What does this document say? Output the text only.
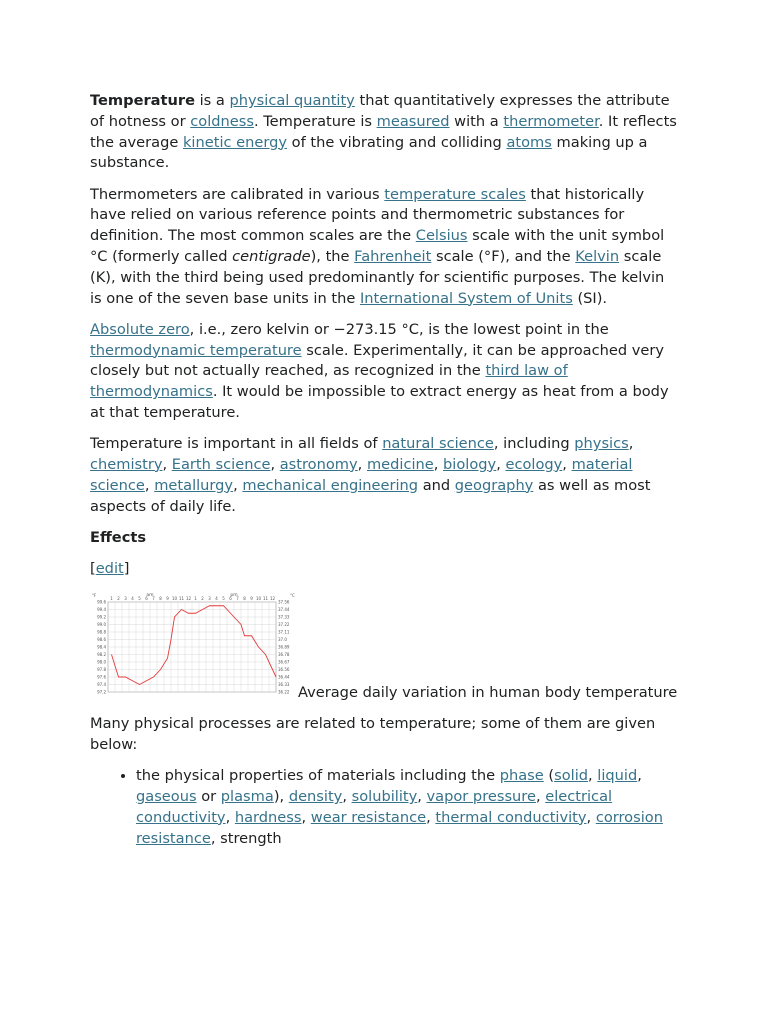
Temperature is a physical quantity that quantitatively expresses the attribute of hotness or coldness. Temperature is measured with a thermometer. It reflects the average kinetic energy of the vibrating and colliding atoms making up a substance.

Thermometers are calibrated in various temperature scales that historically have relied on various reference points and thermometric substances for definition. The most common scales are the Celsius scale with the unit symbol °C (formerly called centigrade), the Fahrenheit scale (°F), and the Kelvin scale (K), with the third being used predominantly for scientific purposes. The kelvin is one of the seven base units in the International System of Units (SI).

Absolute zero, i.e., zero kelvin or −273.15 °C, is the lowest point in the thermodynamic temperature scale. Experimentally, it can be approached very closely but not actually reached, as recognized in the third law of thermodynamics. It would be impossible to extract energy as heat from a body at that temperature.

Temperature is important in all fields of natural science, including physics, chemistry, Earth science, astronomy, medicine, biology, ecology, material science, metallurgy, mechanical engineering and geography as well as most aspects of daily life.

Effects

[edit]

1 2 3 4 5 6 7 8 9 10 11 12 1 2 3 4 5 6 7 8 9 10 11 12
am	pm
°F	°C
99.6
99.4
99.2
99.0
98.8
98.6
98.4
98.2
98.0
97.8
97.6
97.4
97.2
37.56
37.44
37.33
37.22
37.11
37.0
36.89
36.78
36.67
36.56
36.44
36.33
36.22 Average daily variation in human body temperature

Many physical processes are related to temperature; some of them are given below:

• the physical properties of materials including the phase (solid, liquid, gaseous or plasma), density, solubility, vapor pressure, electrical conductivity, hardness, wear resistance, thermal conductivity, corrosion resistance, strength
